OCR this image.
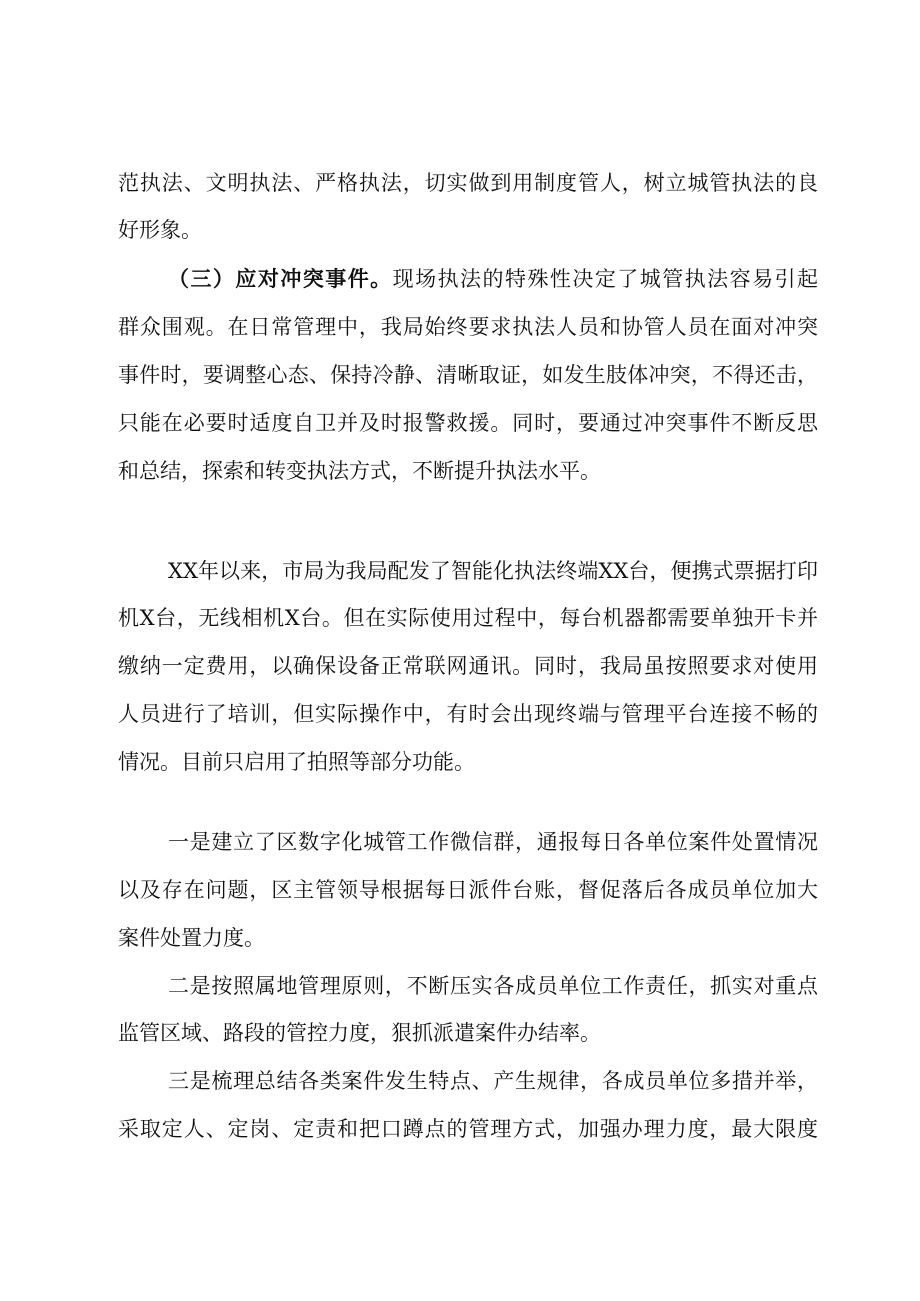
范执法、文明执法、严格执法，切实做到用制度管人，树立城管执法的良
好形象。
（三）应对冲突事件。现场执法的特殊性决定了城管执法容易引起
群众围观。在日常管理中，我局始终要求执法人员和协管人员在面对冲突
事件时，要调整心态、保持冷静、清晰取证，如发生肢体冲突，不得还击，
只能在必要时适度自卫并及时报警救援。同时，要通过冲突事件不断反思
和总结，探索和转变执法方式，不断提升执法水平。
XX年以来，市局为我局配发了智能化执法终端XX台，便携式票据打印
机X台，无线相机X台。但在实际使用过程中，每台机器都需要单独开卡并
缴纳一定费用，以确保设备正常联网通讯。同时，我局虽按照要求对使用
人员进行了培训，但实际操作中，有时会出现终端与管理平台连接不畅的
情况。目前只启用了拍照等部分功能。
一是建立了区数字化城管工作微信群，通报每日各单位案件处置情况
以及存在问题，区主管领导根据每日派件台账，督促落后各成员单位加大
案件处置力度。
二是按照属地管理原则，不断压实各成员单位工作责任，抓实对重点
监管区域、路段的管控力度，狠抓派遣案件办结率。
三是梳理总结各类案件发生特点、产生规律，各成员单位多措并举，
采取定人、定岗、定责和把口蹲点的管理方式，加强办理力度，最大限度
